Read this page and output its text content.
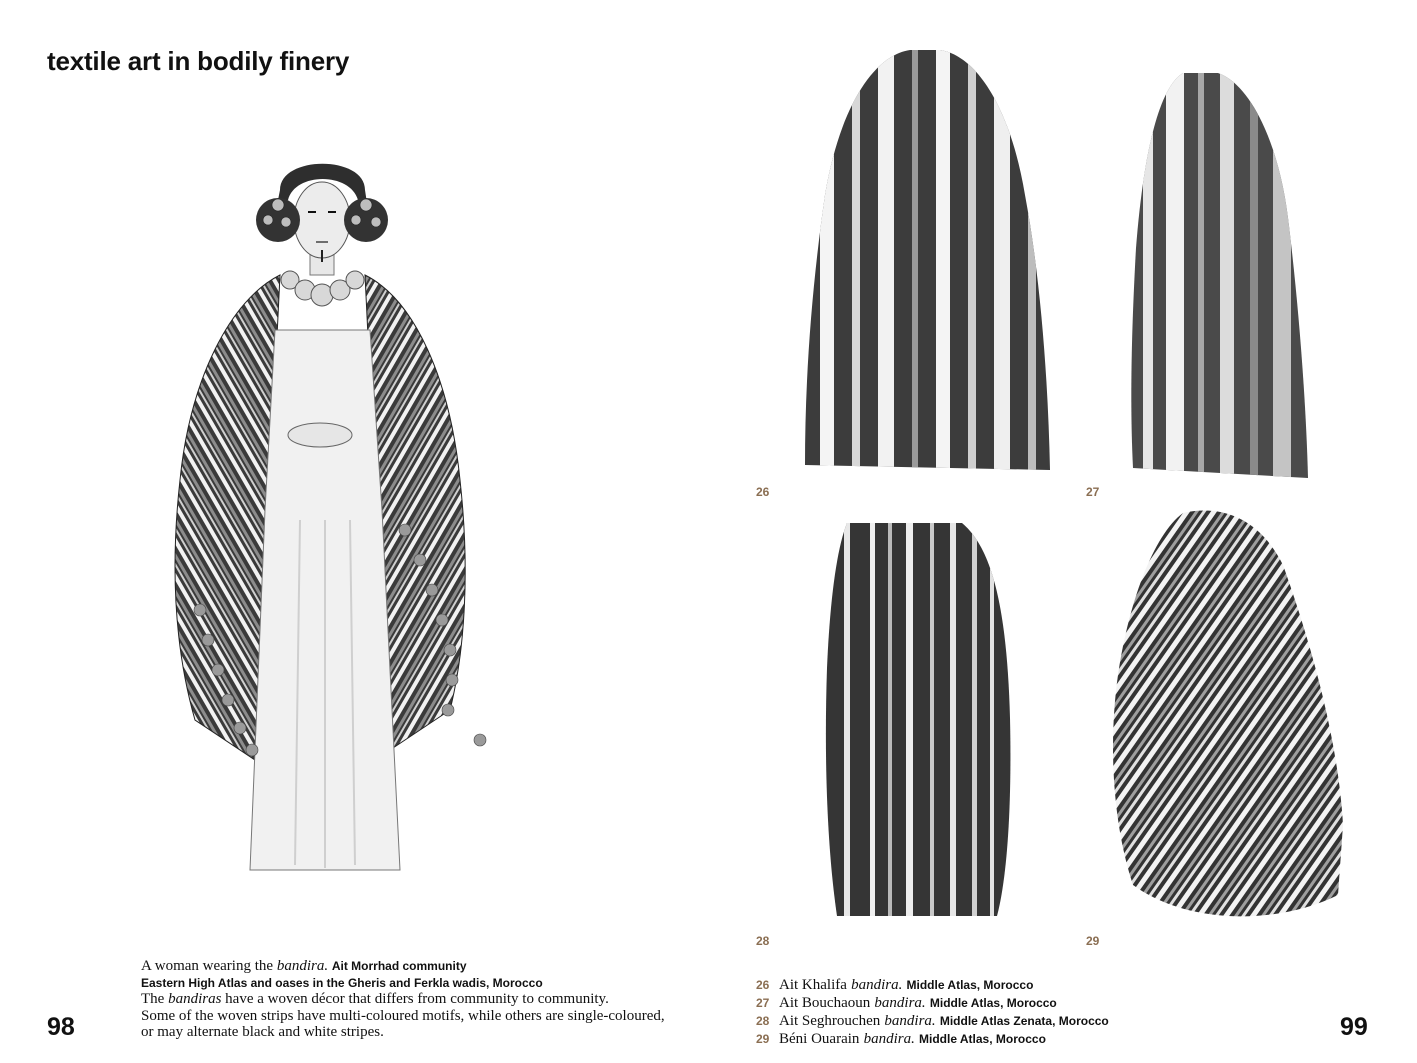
textile art in bodily finery
26	27
28	29
A woman wearing the bandira. Ait Morrhad community
Eastern High Atlas and oases in the Gheris and Ferkla wadis, Morocco
The bandiras have a woven décor that differs from community to community.
Some of the woven strips have multi-coloured motifs, while others are single-coloured,
or may alternate black and white stripes.
26 Ait Khalifa bandira. Middle Atlas, Morocco
27 Ait Bouchaoun bandira. Middle Atlas, Morocco
28 Ait Seghrouchen bandira. Middle Atlas Zenata, Morocco
29 Béni Ouarain bandira. Middle Atlas, Morocco
98	99
